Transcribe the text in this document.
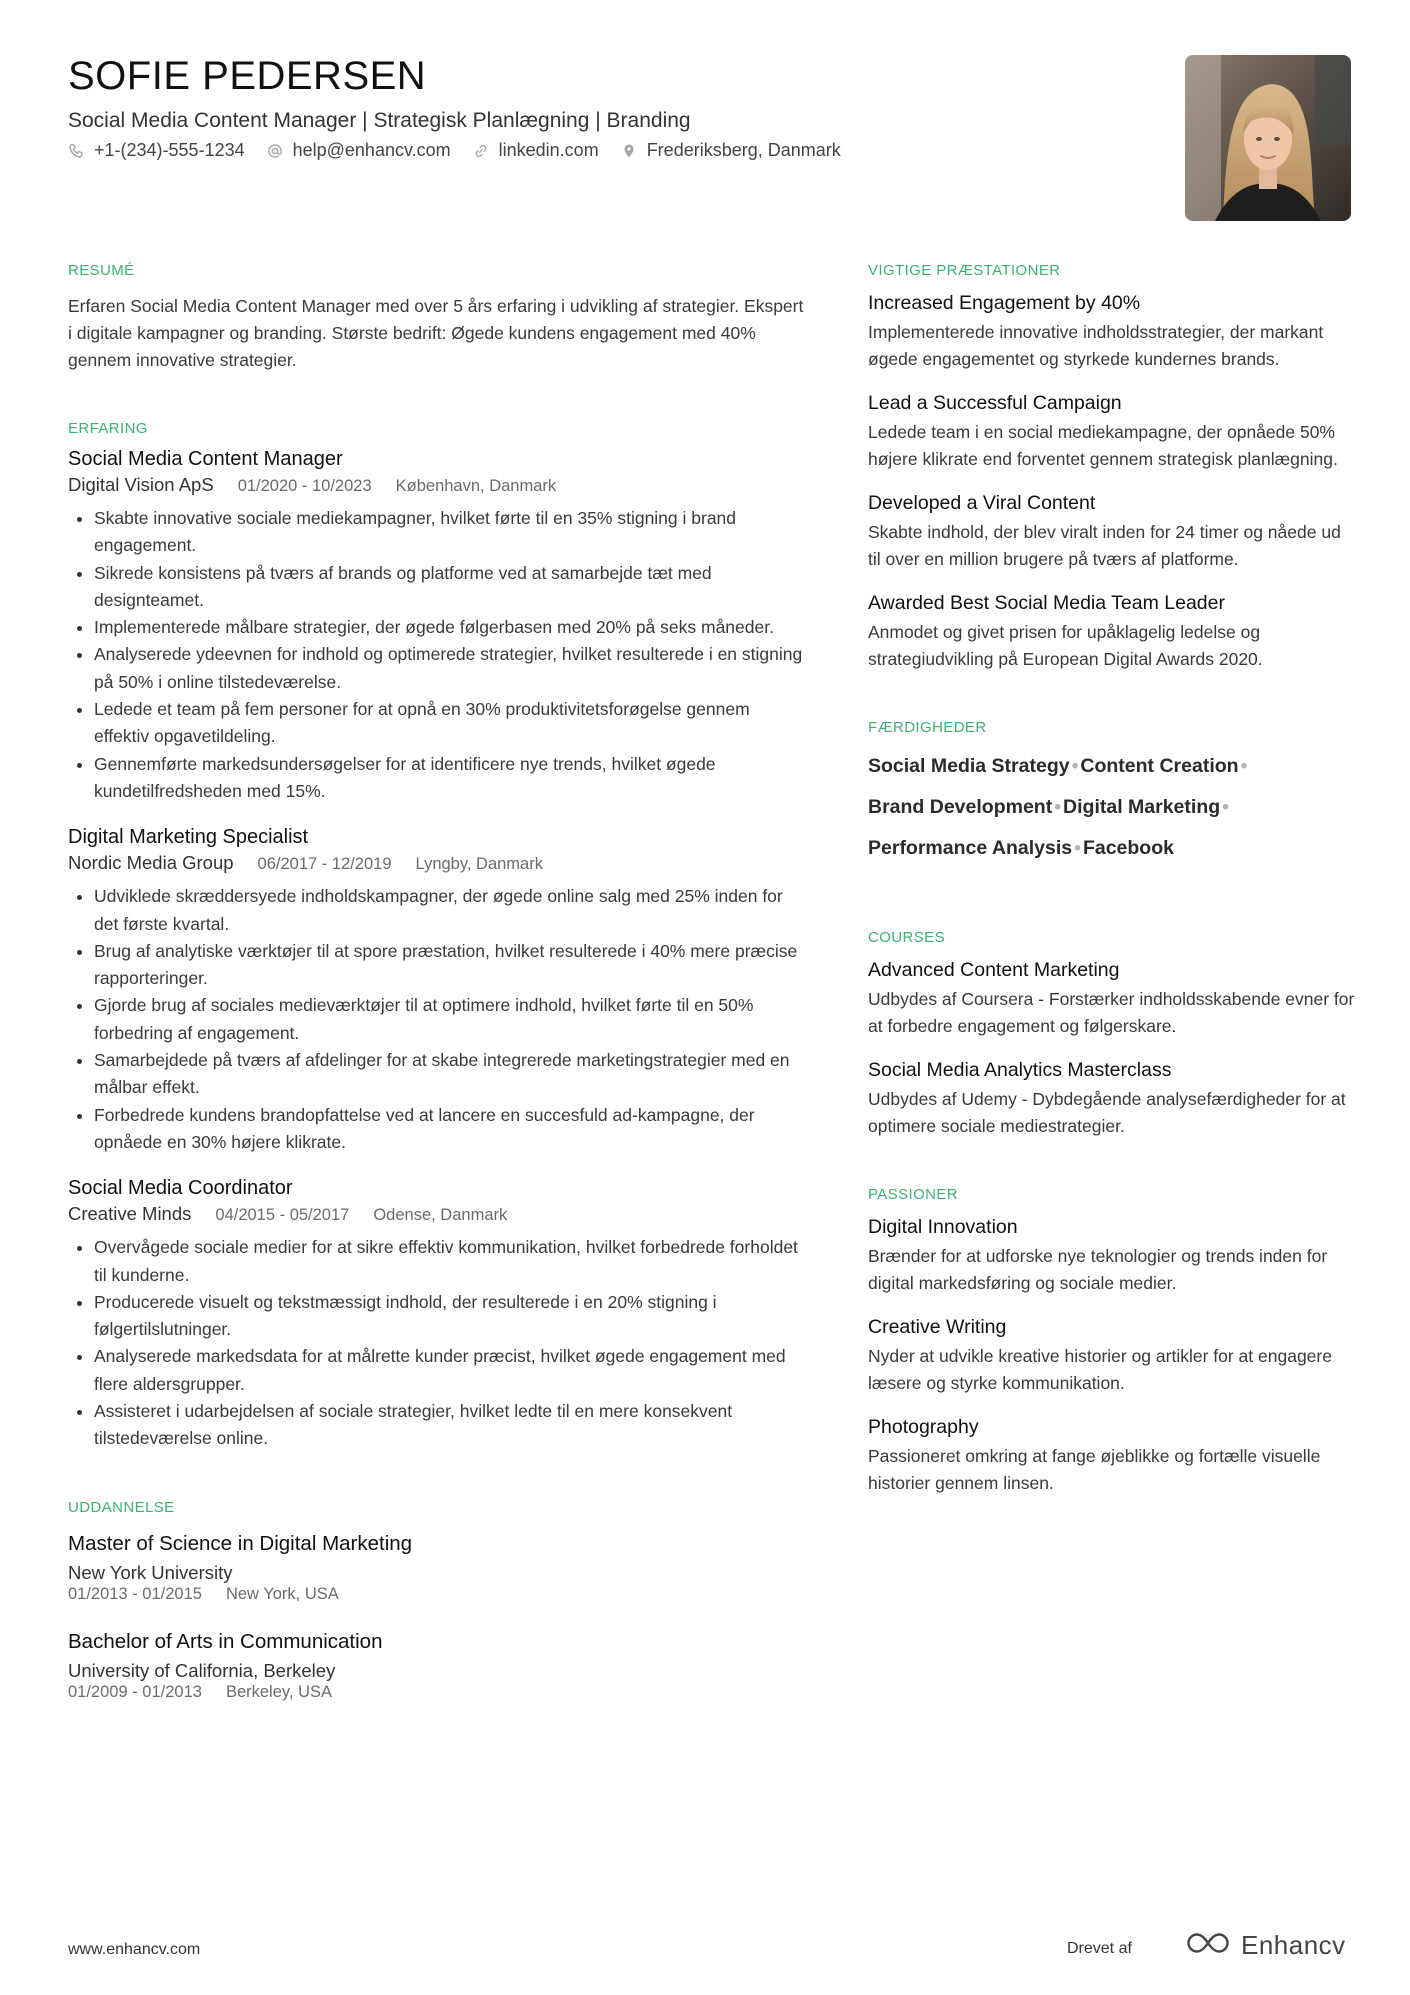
SOFIE PEDERSEN
Social Media Content Manager | Strategisk Planlægning | Branding
+1-(234)-555-1234	help@enhancv.com	linkedin.com	Frederiksberg, Danmark
RESUMÉ
Erfaren Social Media Content Manager med over 5 års erfaring i udvikling af strategier. Ekspert i digitale kampagner og branding. Største bedrift: Øgede kundens engagement med 40% gennem innovative strategier.
ERFARING
Social Media Content Manager
Digital Vision ApS 01/2020 - 10/2023 København, Danmark
• Skabte innovative sociale mediekampagner, hvilket førte til en 35% stigning i brand engagement.
• Sikrede konsistens på tværs af brands og platforme ved at samarbejde tæt med designteamet.
• Implementerede målbare strategier, der øgede følgerbasen med 20% på seks måneder.
• Analyserede ydeevnen for indhold og optimerede strategier, hvilket resulterede i en stigning på 50% i online tilstedeværelse.
• Ledede et team på fem personer for at opnå en 30% produktivitetsforøgelse gennem effektiv opgavetildeling.
• Gennemførte markedsundersøgelser for at identificere nye trends, hvilket øgede kundetilfredsheden med 15%.
Digital Marketing Specialist
Nordic Media Group 06/2017 - 12/2019 Lyngby, Danmark
• Udviklede skræddersyede indholdskampagner, der øgede online salg med 25% inden for det første kvartal.
• Brug af analytiske værktøjer til at spore præstation, hvilket resulterede i 40% mere præcise rapporteringer.
• Gjorde brug af sociales medieværktøjer til at optimere indhold, hvilket førte til en 50% forbedring af engagement.
• Samarbejdede på tværs af afdelinger for at skabe integrerede marketingstrategier med en målbar effekt.
• Forbedrede kundens brandopfattelse ved at lancere en succesfuld ad-kampagne, der opnåede en 30% højere klikrate.
Social Media Coordinator
Creative Minds 04/2015 - 05/2017 Odense, Danmark
• Overvågede sociale medier for at sikre effektiv kommunikation, hvilket forbedrede forholdet til kunderne.
• Producerede visuelt og tekstmæssigt indhold, der resulterede i en 20% stigning i følgertilslutninger.
• Analyserede markedsdata for at målrette kunder præcist, hvilket øgede engagement med flere aldersgrupper.
• Assisteret i udarbejdelsen af sociale strategier, hvilket ledte til en mere konsekvent tilstedeværelse online.
UDDANNELSE
Master of Science in Digital Marketing
New York University
01/2013 - 01/2015 New York, USA
Bachelor of Arts in Communication
University of California, Berkeley
01/2009 - 01/2013 Berkeley, USA
VIGTIGE PRÆSTATIONER
Increased Engagement by 40%
Implementerede innovative indholdsstrategier, der markant øgede engagementet og styrkede kundernes brands.
Lead a Successful Campaign
Ledede team i en social mediekampagne, der opnåede 50% højere klikrate end forventet gennem strategisk planlægning.
Developed a Viral Content
Skabte indhold, der blev viralt inden for 24 timer og nåede ud til over en million brugere på tværs af platforme.
Awarded Best Social Media Team Leader
Anmodet og givet prisen for upåklagelig ledelse og strategiudvikling på European Digital Awards 2020.
FÆRDIGHEDER
Social Media Strategy • Content Creation •
Brand Development • Digital Marketing •
Performance Analysis • Facebook
COURSES
Advanced Content Marketing
Udbydes af Coursera - Forstærker indholdsskabende evner for at forbedre engagement og følgerskare.
Social Media Analytics Masterclass
Udbydes af Udemy - Dybdegående analysefærdigheder for at optimere sociale mediestrategier.
PASSIONER
Digital Innovation
Brænder for at udforske nye teknologier og trends inden for digital markedsføring og sociale medier.
Creative Writing
Nyder at udvikle kreative historier og artikler for at engagere læsere og styrke kommunikation.
Photography
Passioneret omkring at fange øjeblikke og fortælle visuelle historier gennem linsen.
www.enhancv.com	Drevet af	Enhancv
